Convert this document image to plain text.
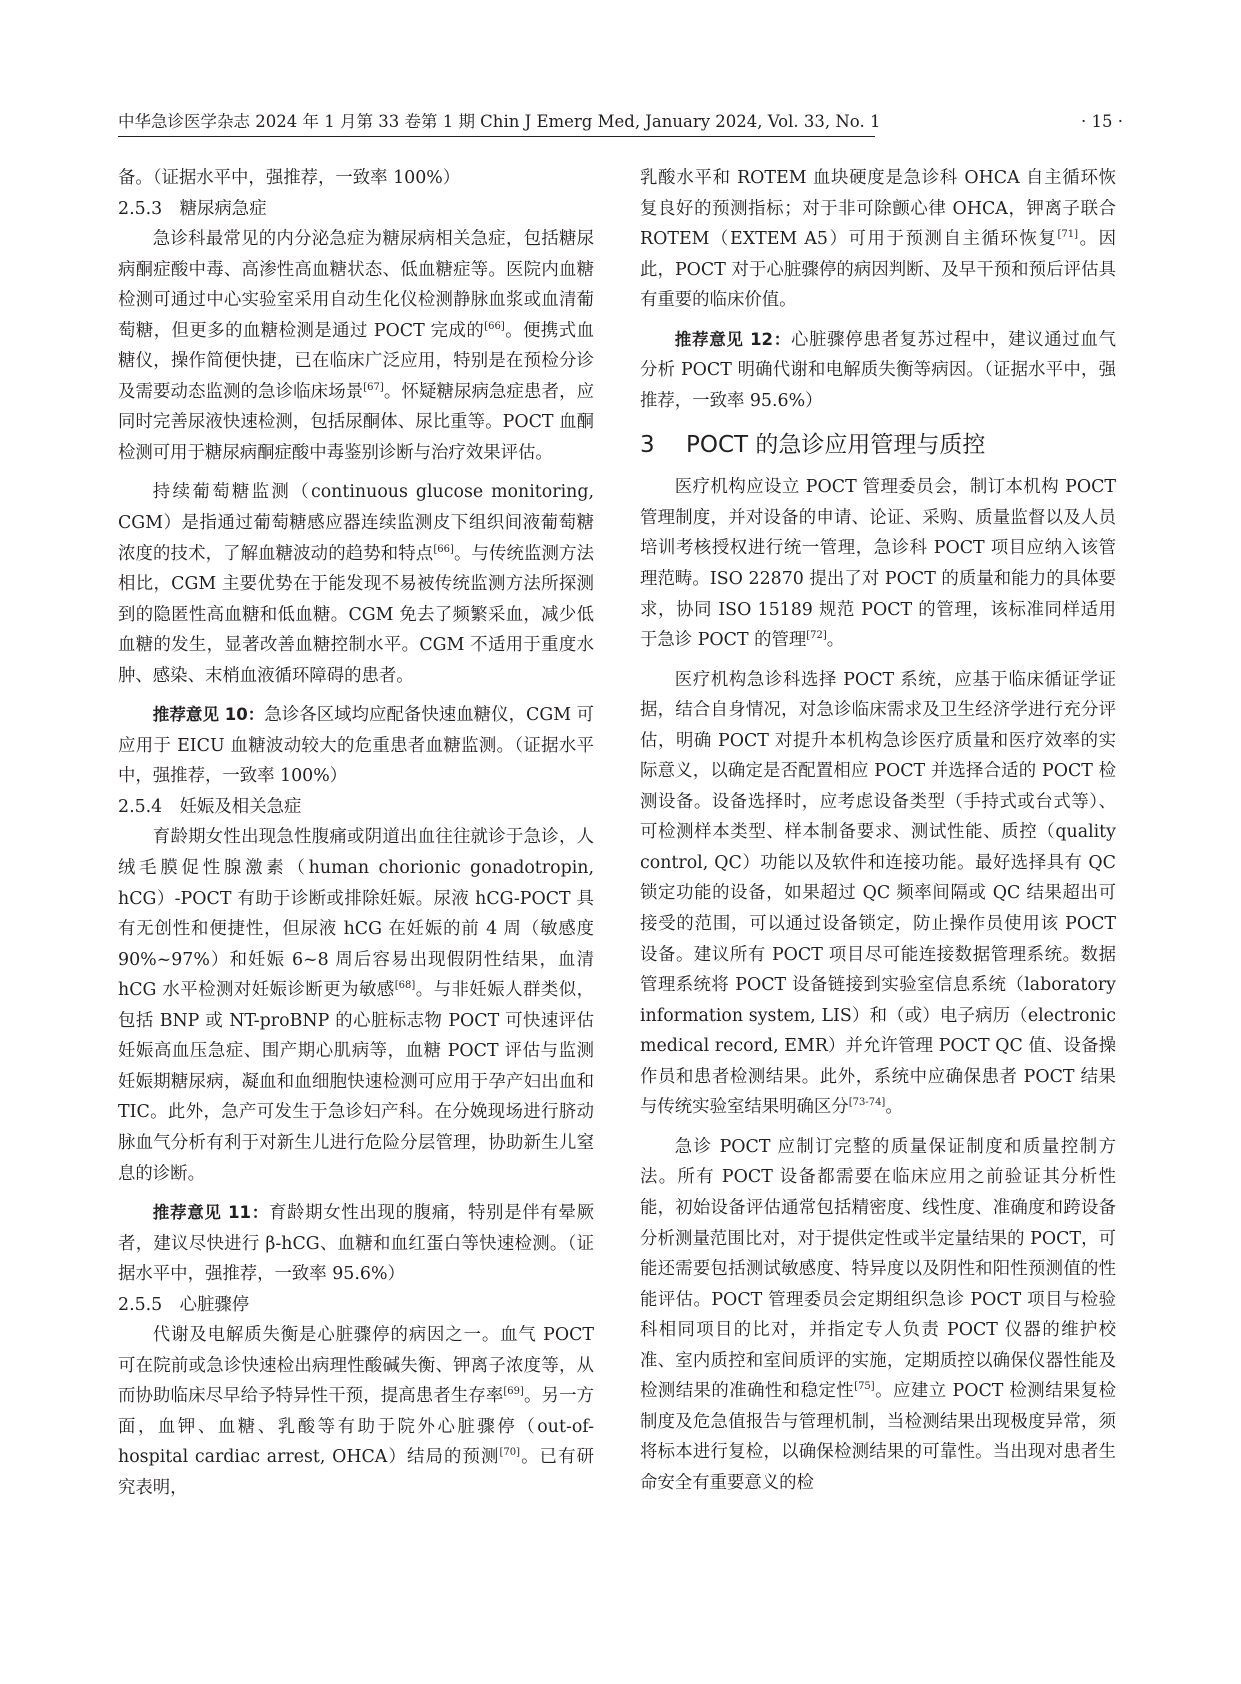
中华急诊医学杂志 2024 年 1 月第 33 卷第 1 期 Chin J Emerg Med, January 2024, Vol. 33, No. 1	· 15 ·

备。（证据水平中，强推荐，一致率 100%）

2.5.3　糖尿病急症

急诊科最常见的内分泌急症为糖尿病相关急症，包括糖尿病酮症酸中毒、高渗性高血糖状态、低血糖症等。医院内血糖检测可通过中心实验室采用自动生化仪检测静脉血浆或血清葡萄糖，但更多的血糖检测是通过 POCT 完成的[66]。便携式血糖仪，操作简便快捷，已在临床广泛应用，特别是在预检分诊及需要动态监测的急诊临床场景[67]。怀疑糖尿病急症患者，应同时完善尿液快速检测，包括尿酮体、尿比重等。POCT 血酮检测可用于糖尿病酮症酸中毒鉴别诊断与治疗效果评估。

持续葡萄糖监测（continuous glucose monitoring, CGM）是指通过葡萄糖感应器连续监测皮下组织间液葡萄糖浓度的技术，了解血糖波动的趋势和特点[66]。与传统监测方法相比，CGM 主要优势在于能发现不易被传统监测方法所探测到的隐匿性高血糖和低血糖。CGM 免去了频繁采血，减少低血糖的发生，显著改善血糖控制水平。CGM 不适用于重度水肿、感染、末梢血液循环障碍的患者。

推荐意见 10：急诊各区域均应配备快速血糖仪，CGM 可应用于 EICU 血糖波动较大的危重患者血糖监测。（证据水平中，强推荐，一致率 100%）

2.5.4　妊娠及相关急症

育龄期女性出现急性腹痛或阴道出血往往就诊于急诊，人绒毛膜促性腺激素（human chorionic gonadotropin, hCG）-POCT 有助于诊断或排除妊娠。尿液 hCG-POCT 具有无创性和便捷性，但尿液 hCG 在妊娠的前 4 周（敏感度 90%~97%）和妊娠 6~8 周后容易出现假阴性结果，血清 hCG 水平检测对妊娠诊断更为敏感[68]。与非妊娠人群类似，包括 BNP 或 NT-proBNP 的心脏标志物 POCT 可快速评估妊娠高血压急症、围产期心肌病等，血糖 POCT 评估与监测妊娠期糖尿病，凝血和血细胞快速检测可应用于孕产妇出血和 TIC。此外，急产可发生于急诊妇产科。在分娩现场进行脐动脉血气分析有利于对新生儿进行危险分层管理，协助新生儿窒息的诊断。

推荐意见 11：育龄期女性出现的腹痛，特别是伴有晕厥者，建议尽快进行 β-hCG、血糖和血红蛋白等快速检测。（证据水平中，强推荐，一致率 95.6%）

2.5.5　心脏骤停

代谢及电解质失衡是心脏骤停的病因之一。血气 POCT 可在院前或急诊快速检出病理性酸碱失衡、钾离子浓度等，从而协助临床尽早给予特异性干预，提高患者生存率[69]。另一方面，血钾、血糖、乳酸等有助于院外心脏骤停（out-of-hospital cardiac arrest, OHCA）结局的预测[70]。已有研究表明，

乳酸水平和 ROTEM 血块硬度是急诊科 OHCA 自主循环恢复良好的预测指标；对于非可除颤心律 OHCA，钾离子联合 ROTEM（EXTEM A5）可用于预测自主循环恢复[71]。因此，POCT 对于心脏骤停的病因判断、及早干预和预后评估具有重要的临床价值。

推荐意见 12：心脏骤停患者复苏过程中，建议通过血气分析 POCT 明确代谢和电解质失衡等病因。（证据水平中，强推荐，一致率 95.6%）

3 POCT 的急诊应用管理与质控

医疗机构应设立 POCT 管理委员会，制订本机构 POCT 管理制度，并对设备的申请、论证、采购、质量监督以及人员培训考核授权进行统一管理，急诊科 POCT 项目应纳入该管理范畴。ISO 22870 提出了对 POCT 的质量和能力的具体要求，协同 ISO 15189 规范 POCT 的管理，该标准同样适用于急诊 POCT 的管理[72]。

医疗机构急诊科选择 POCT 系统，应基于临床循证学证据，结合自身情况，对急诊临床需求及卫生经济学进行充分评估，明确 POCT 对提升本机构急诊医疗质量和医疗效率的实际意义，以确定是否配置相应 POCT 并选择合适的 POCT 检测设备。设备选择时，应考虑设备类型（手持式或台式等）、可检测样本类型、样本制备要求、测试性能、质控（quality control, QC）功能以及软件和连接功能。最好选择具有 QC 锁定功能的设备，如果超过 QC 频率间隔或 QC 结果超出可接受的范围，可以通过设备锁定，防止操作员使用该 POCT 设备。建议所有 POCT 项目尽可能连接数据管理系统。数据管理系统将 POCT 设备链接到实验室信息系统（laboratory information system, LIS）和（或）电子病历（electronic medical record, EMR）并允许管理 POCT QC 值、设备操作员和患者检测结果。此外，系统中应确保患者 POCT 结果与传统实验室结果明确区分[73-74]。

急诊 POCT 应制订完整的质量保证制度和质量控制方法。所有 POCT 设备都需要在临床应用之前验证其分析性能，初始设备评估通常包括精密度、线性度、准确度和跨设备分析测量范围比对，对于提供定性或半定量结果的 POCT，可能还需要包括测试敏感度、特异度以及阴性和阳性预测值的性能评估。POCT 管理委员会定期组织急诊 POCT 项目与检验科相同项目的比对，并指定专人负责 POCT 仪器的维护校准、室内质控和室间质评的实施，定期质控以确保仪器性能及检测结果的准确性和稳定性[75]。应建立 POCT 检测结果复检制度及危急值报告与管理机制，当检测结果出现极度异常，须将标本进行复检，以确保检测结果的可靠性。当出现对患者生命安全有重要意义的检
